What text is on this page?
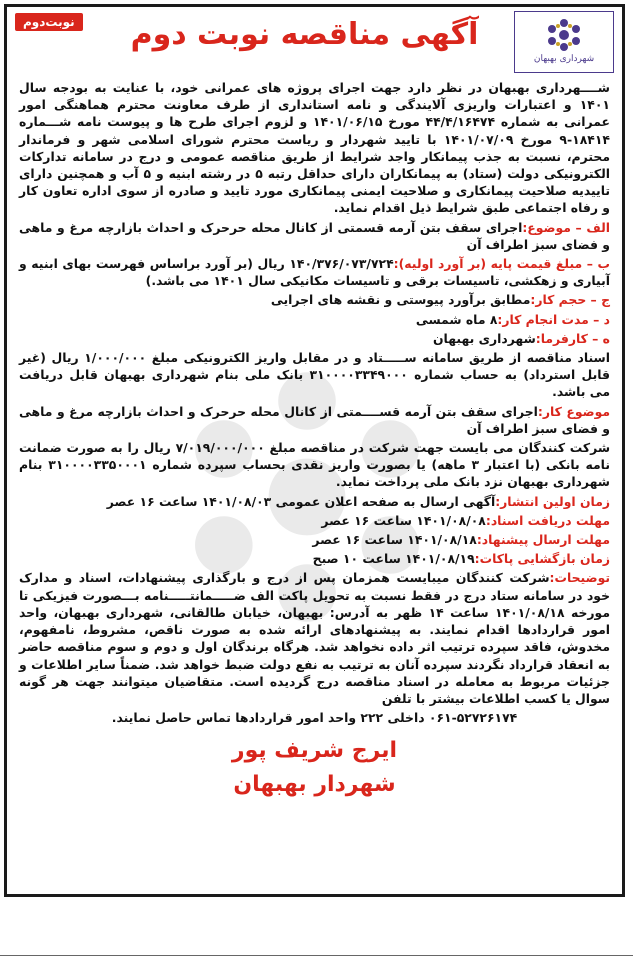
نوبت‌دوم	آگهی مناقصه نوبت دوم
شهرداری بهبهان

شــــهرداری بهبهان در نظر دارد جهت اجرای پروژه های عمرانی خود، با عنایت به بودجه سال ۱۴۰۱ و اعتبارات واریزی آلایندگی و نامه استانداری از طرف معاونت محترم هماهنگی امور عمرانی به شماره ۴۴/۴/۱۶۴۷۴ مورخ ۱۴۰۱/۰۶/۱۵ و لزوم اجرای طرح ها و پیوست نامه شـــماره ۱۸۴۱۴-۹ مورخ ۱۴۰۱/۰۷/۰۹ با تایید شهردار و ریاست محترم شورای اسلامی شهر و فرماندار محترم، نسبت به جذب پیمانکار واجد شرایط از طریق مناقصه عمومی و درج در سامانه تدارکات الکترونیکی دولت (ستاد) به پیمانکاران دارای حداقل رتبه ۵ در رشته ابنیه و ۵ آب و همچنین دارای تاییدیه صلاحیت پیمانکاری و صلاحیت ایمنی پیمانکاری مورد تایید و صادره از سوی اداره تعاون کار و رفاه اجتماعی طبق شرایط ذیل اقدام نماید.

الف – موضوع:اجرای سقف بتن آرمه قسمتی از کانال محله حرحرک و احداث بازارچه مرغ و ماهی و فضای سبز اطراف آن

ب – مبلغ قیمت پایه (بر آورد اولیه):۱۴۰/۳۷۶/۰۷۳/۷۲۴ ریال (بر آورد براساس فهرست بهای ابنیه و آبیاری و زهکشی، تاسیسات برقی و تاسیسات مکانیکی سال ۱۴۰۱ می باشد.)

ج – حجم کار:مطابق برآورد پیوستی و نقشه های اجرایی

د – مدت انجام کار:۸ ماه شمسی

ه – کارفرما:شهرداری بهبهان

اسناد مناقصه از طریق سامانه ســـــتاد و در مقابل واریز الکترونیکی مبلغ ۱/۰۰۰/۰۰۰ ریال (غیر قابل استرداد) به حساب شماره ۳۱۰۰۰۰۳۳۴۹۰۰۰ بانک ملی بنام شهرداری بهبهان قابل دریافت می باشد.

موضوع کار:اجرای سقف بتن آرمه قســــمتی از کانال محله حرحرک و احداث بازارچه مرغ و ماهی و فضای سبز اطراف آن

شرکت کنندگان می بایست جهت شرکت در مناقصه مبلغ ۷/۰۱۹/۰۰۰/۰۰۰ ریال را به صورت ضمانت نامه بانکی (با اعتبار ۳ ماهه) یا بصورت واریز نقدی بحساب سپرده شماره ۳۱۰۰۰۰۳۳۵۰۰۰۱ بنام شهرداری بهبهان نزد بانک ملی پرداخت نماید.

زمان اولین انتشار:آگهی ارسال به صفحه اعلان عمومی ۱۴۰۱/۰۸/۰۳ ساعت ۱۶ عصر

مهلت دریافت اسناد:۱۴۰۱/۰۸/۰۸ ساعت ۱۶ عصر

مهلت ارسال پیشنهاد:۱۴۰۱/۰۸/۱۸ ساعت ۱۶ عصر

زمان بازگشایی پاکات:۱۴۰۱/۰۸/۱۹ ساعت ۱۰ صبح

توضیحات:شرکت کنندگان میبایست همزمان پس از درج و بارگذاری پیشنهادات، اسناد و مدارک خود در سامانه ستاد درج در فقط نسبت به تحویل پاکت الف ضـــــمانتـــــنامه بـــصورت فیزیکی تا مورخه ۱۴۰۱/۰۸/۱۸ ساعت ۱۴ ظهر به آدرس: بهبهان، خیابان طالقانی، شهرداری بهبهان، واحد امور قراردادها اقدام نمایند. به پیشنهادهای ارائه شده به صورت ناقص، مشروط، نامفهوم، مخدوش، فاقد سپرده ترتیب اثر داده نخواهد شد. هرگاه برندگان اول و دوم و سوم مناقصه حاضر به انعقاد قرارداد نگردند سپرده آنان به ترتیب به نفع دولت ضبط خواهد شد. ضمناً سایر اطلاعات و جزئیات مربوط به معامله در اسناد مناقصه درج گردیده است. متقاضیان میتوانند جهت هر گونه سوال یا کسب اطلاعات بیشتر با تلفن

۰۶۱-۵۲۷۲۶۱۷۴ داخلی ۲۲۲ واحد امور قراردادها تماس حاصل نمایند.

ایرج شریف پور
شهردار بهبهان
